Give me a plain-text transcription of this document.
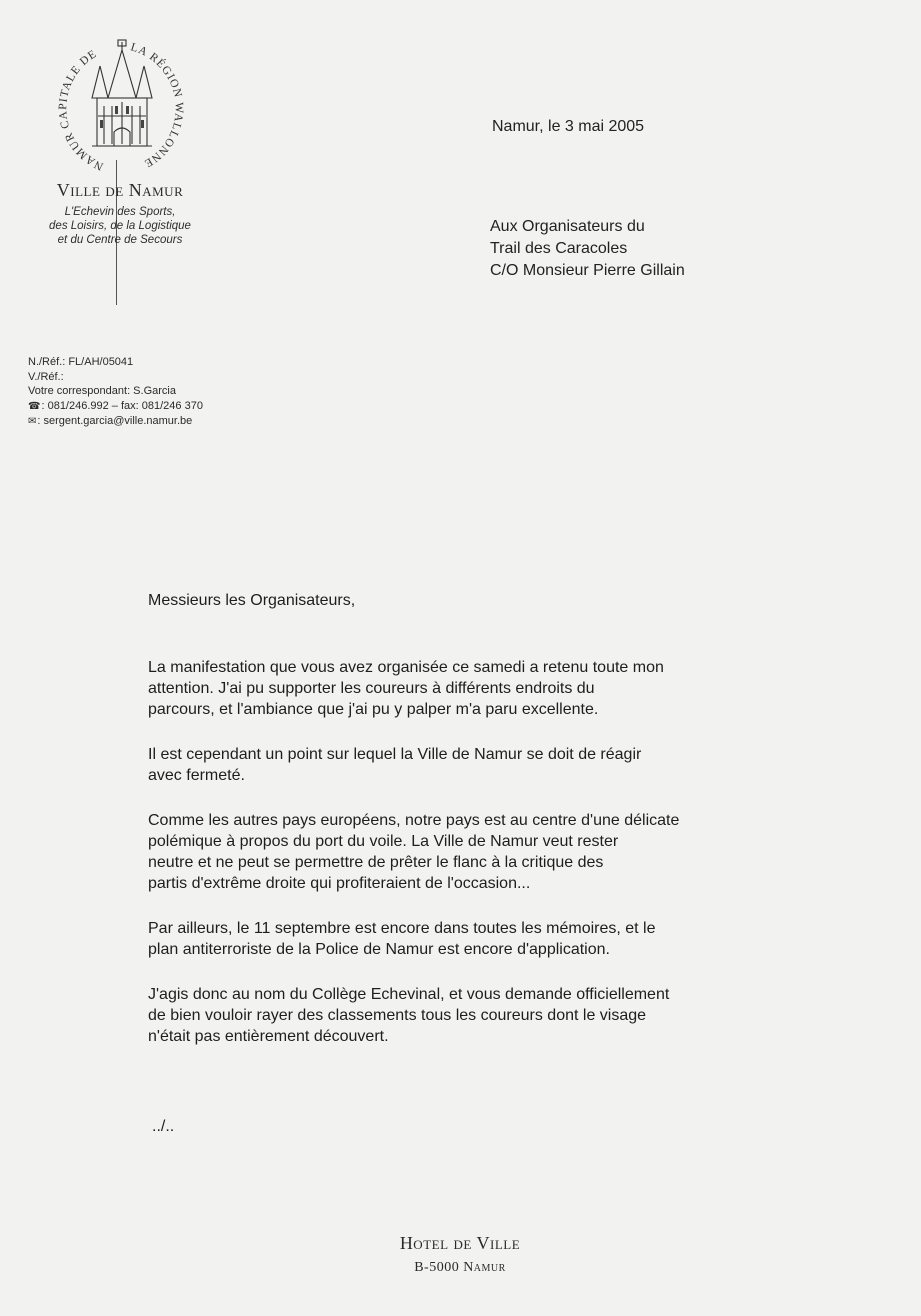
NAMUR CAPITALE DE	LA RÉGION WALLONNE
Ville de Namur
L'Echevin des Sports,
des Loisirs, de la Logistique
et du Centre de Secours
Namur, le 3 mai 2005
Aux Organisateurs du
Trail des Caracoles
C/O Monsieur Pierre Gillain
N./Réf.: FL/AH/05041
V./Réf.:
Votre correspondant: S.Garcia
☎: 081/246.992 – fax: 081/246 370
✉: sergent.garcia@ville.namur.be

Messieurs les Organisateurs,

La manifestation que vous avez organisée ce samedi a retenu toute mon
attention. J'ai pu supporter les coureurs à différents endroits du
parcours, et l'ambiance que j'ai pu y palper m'a paru excellente.

Il est cependant un point sur lequel la Ville de Namur se doit de réagir
avec fermeté.

Comme les autres pays européens, notre pays est au centre d'une délicate
polémique à propos du port du voile. La Ville de Namur veut rester
neutre et ne peut se permettre de prêter le flanc à la critique des
partis d'extrême droite qui profiteraient de l'occasion...

Par ailleurs, le 11 septembre est encore dans toutes les mémoires, et le
plan antiterroriste de la Police de Namur est encore d'application.

J'agis donc au nom du Collège Echevinal, et vous demande officiellement
de bien vouloir rayer des classements tous les coureurs dont le visage
n'était pas entièrement découvert.

../..
Hotel de Ville
B-5000 Namur
